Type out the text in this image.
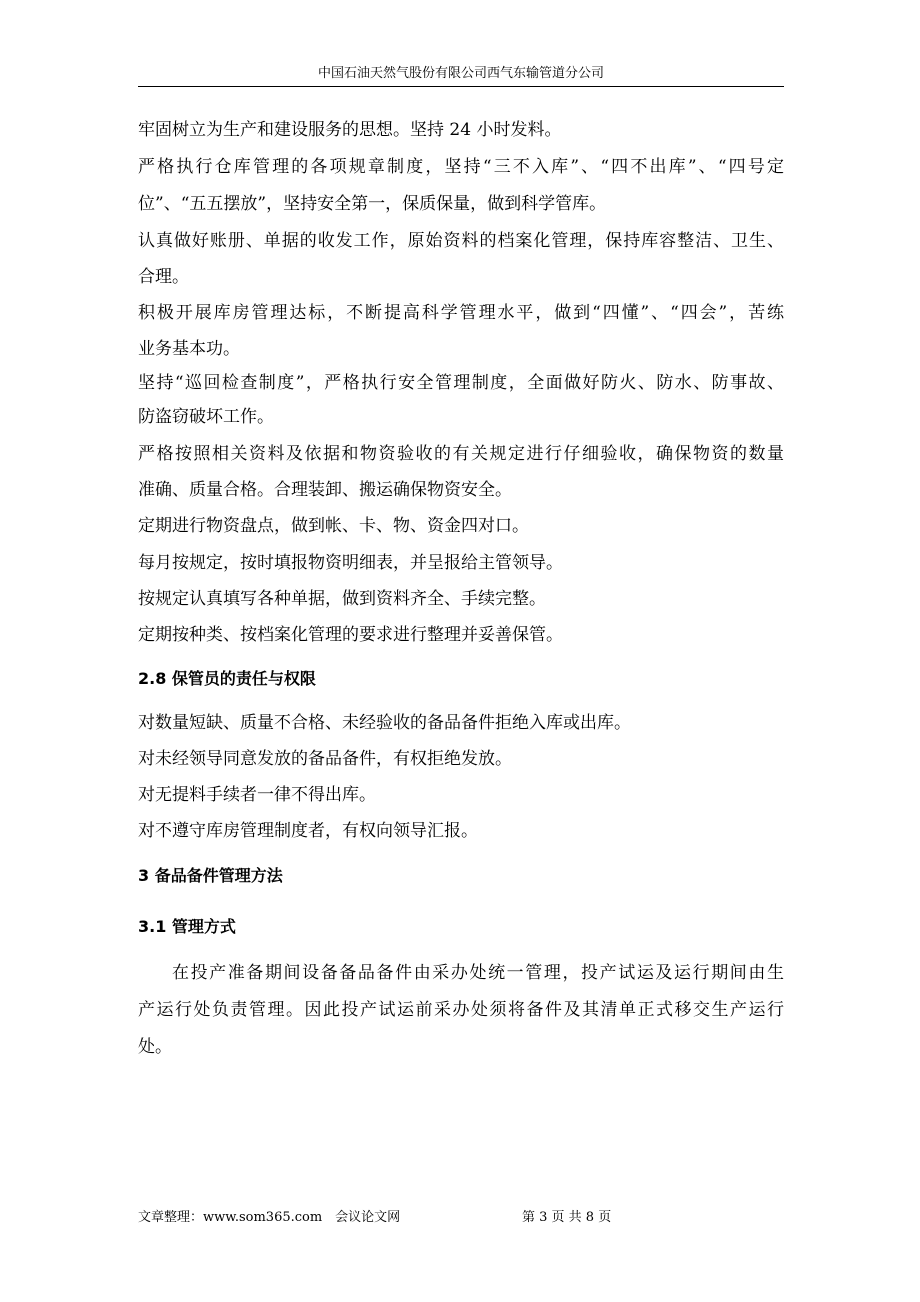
中国石油天然气股份有限公司西气东输管道分公司
牢固树立为生产和建设服务的思想。坚持 24 小时发料。
严格执行仓库管理的各项规章制度，坚持“三不入库”、“四不出库”、“四号定
位”、“五五摆放”，坚持安全第一，保质保量，做到科学管库。
认真做好账册、单据的收发工作，原始资料的档案化管理，保持库容整洁、卫生、
合理。
积极开展库房管理达标，不断提高科学管理水平，做到“四懂”、“四会”，苦练
业务基本功。
坚持“巡回检查制度”，严格执行安全管理制度，全面做好防火、防水、防事故、
防盗窃破坏工作。
严格按照相关资料及依据和物资验收的有关规定进行仔细验收，确保物资的数量
准确、质量合格。合理装卸、搬运确保物资安全。
定期进行物资盘点，做到帐、卡、物、资金四对口。
每月按规定，按时填报物资明细表，并呈报给主管领导。
按规定认真填写各种单据，做到资料齐全、手续完整。
定期按种类、按档案化管理的要求进行整理并妥善保管。
2.8 保管员的责任与权限
对数量短缺、质量不合格、未经验收的备品备件拒绝入库或出库。
对未经领导同意发放的备品备件，有权拒绝发放。
对无提料手续者一律不得出库。
对不遵守库房管理制度者，有权向领导汇报。
3 备品备件管理方法
3.1 管理方式
在投产准备期间设备备品备件由采办处统一管理，投产试运及运行期间由生
产运行处负责管理。因此投产试运前采办处须将备件及其清单正式移交生产运行
处。
文章整理：www.som365.com　会议论文网	第 3 页 共 8 页
